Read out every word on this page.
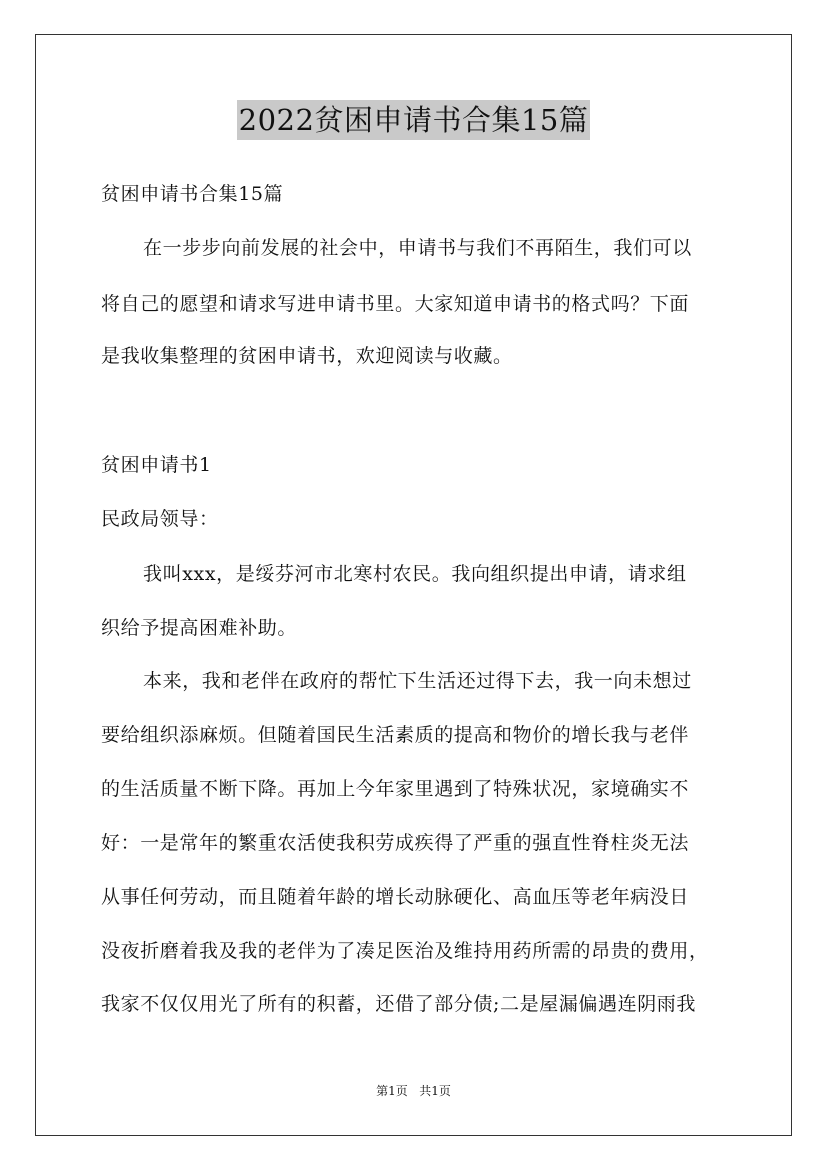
2022贫困申请书合集15篇
贫困申请书合集15篇
在一步步向前发展的社会中，申请书与我们不再陌生，我们可以
将自己的愿望和请求写进申请书里。大家知道申请书的格式吗？下面
是我收集整理的贫困申请书，欢迎阅读与收藏。
贫困申请书1
民政局领导：
我叫xxx，是绥芬河市北寒村农民。我向组织提出申请，请求组
织给予提高困难补助。
本来，我和老伴在政府的帮忙下生活还过得下去，我一向未想过
要给组织添麻烦。但随着国民生活素质的提高和物价的增长我与老伴
的生活质量不断下降。再加上今年家里遇到了特殊状况，家境确实不
好：一是常年的繁重农活使我积劳成疾得了严重的强直性脊柱炎无法
从事任何劳动，而且随着年龄的增长动脉硬化、高血压等老年病没日
没夜折磨着我及我的老伴为了凑足医治及维持用药所需的昂贵的费用，
我家不仅仅用光了所有的积蓄，还借了部分债;二是屋漏偏遇连阴雨我
第1页   共1页
